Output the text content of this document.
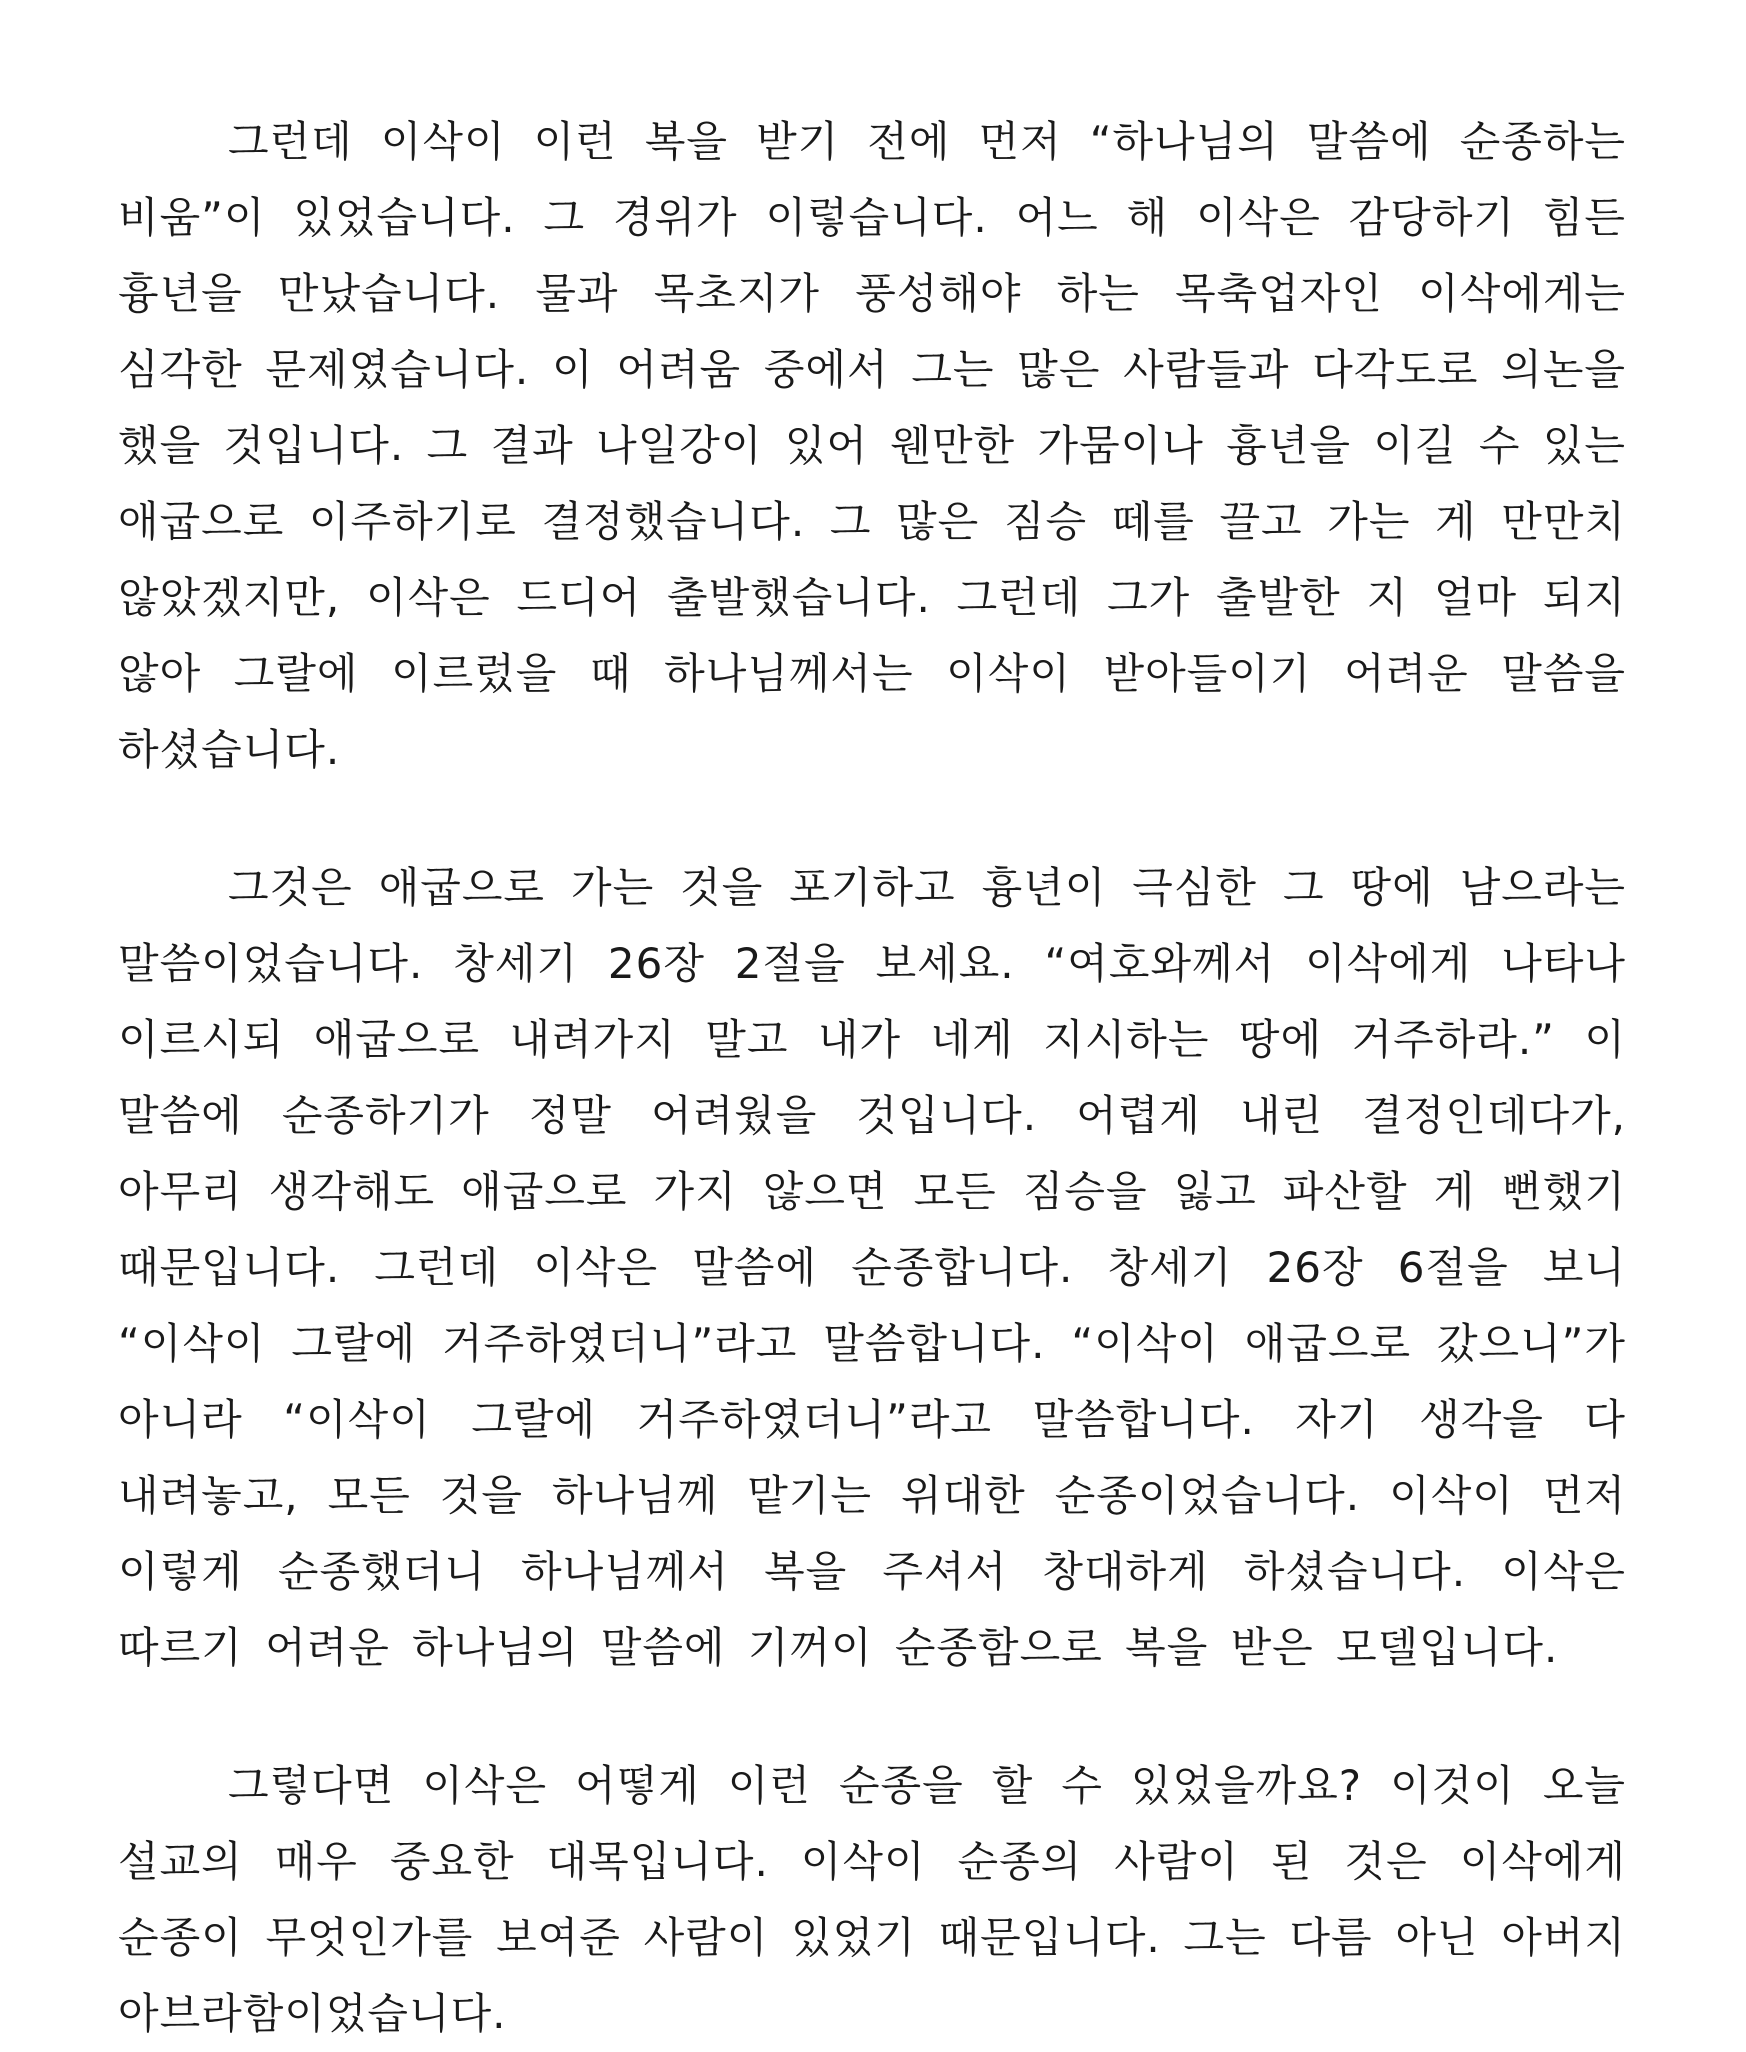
그런데 이삭이 이런 복을 받기 전에 먼저 “하나님의 말씀에 순종하는 비움”이 있었습니다. 그 경위가 이렇습니다. 어느 해 이삭은 감당하기 힘든 흉년을 만났습니다. 물과 목초지가 풍성해야 하는 목축업자인 이삭에게는 심각한 문제였습니다. 이 어려움 중에서 그는 많은 사람들과 다각도로 의논을 했을 것입니다. 그 결과 나일강이 있어 웬만한 가뭄이나 흉년을 이길 수 있는 애굽으로 이주하기로 결정했습니다. 그 많은 짐승 떼를 끌고 가는 게 만만치 않았겠지만, 이삭은 드디어 출발했습니다. 그런데 그가 출발한 지 얼마 되지 않아 그랄에 이르렀을 때 하나님께서는 이삭이 받아들이기 어려운 말씀을 하셨습니다.

그것은 애굽으로 가는 것을 포기하고 흉년이 극심한 그 땅에 남으라는 말씀이었습니다. 창세기 26장 2절을 보세요. “여호와께서 이삭에게 나타나 이르시되 애굽으로 내려가지 말고 내가 네게 지시하는 땅에 거주하라.” 이 말씀에 순종하기가 정말 어려웠을 것입니다. 어렵게 내린 결정인데다가, 아무리 생각해도 애굽으로 가지 않으면 모든 짐승을 잃고 파산할 게 뻔했기 때문입니다. 그런데 이삭은 말씀에 순종합니다. 창세기 26장 6절을 보니 “이삭이 그랄에 거주하였더니”라고 말씀합니다. “이삭이 애굽으로 갔으니”가 아니라 “이삭이 그랄에 거주하였더니”라고 말씀합니다. 자기 생각을 다 내려놓고, 모든 것을 하나님께 맡기는 위대한 순종이었습니다. 이삭이 먼저 이렇게 순종했더니 하나님께서 복을 주셔서 창대하게 하셨습니다. 이삭은 따르기 어려운 하나님의 말씀에 기꺼이 순종함으로 복을 받은 모델입니다.

그렇다면 이삭은 어떻게 이런 순종을 할 수 있었을까요? 이것이 오늘 설교의 매우 중요한 대목입니다. 이삭이 순종의 사람이 된 것은 이삭에게 순종이 무엇인가를 보여준 사람이 있었기 때문입니다. 그는 다름 아닌 아버지 아브라함이었습니다.
